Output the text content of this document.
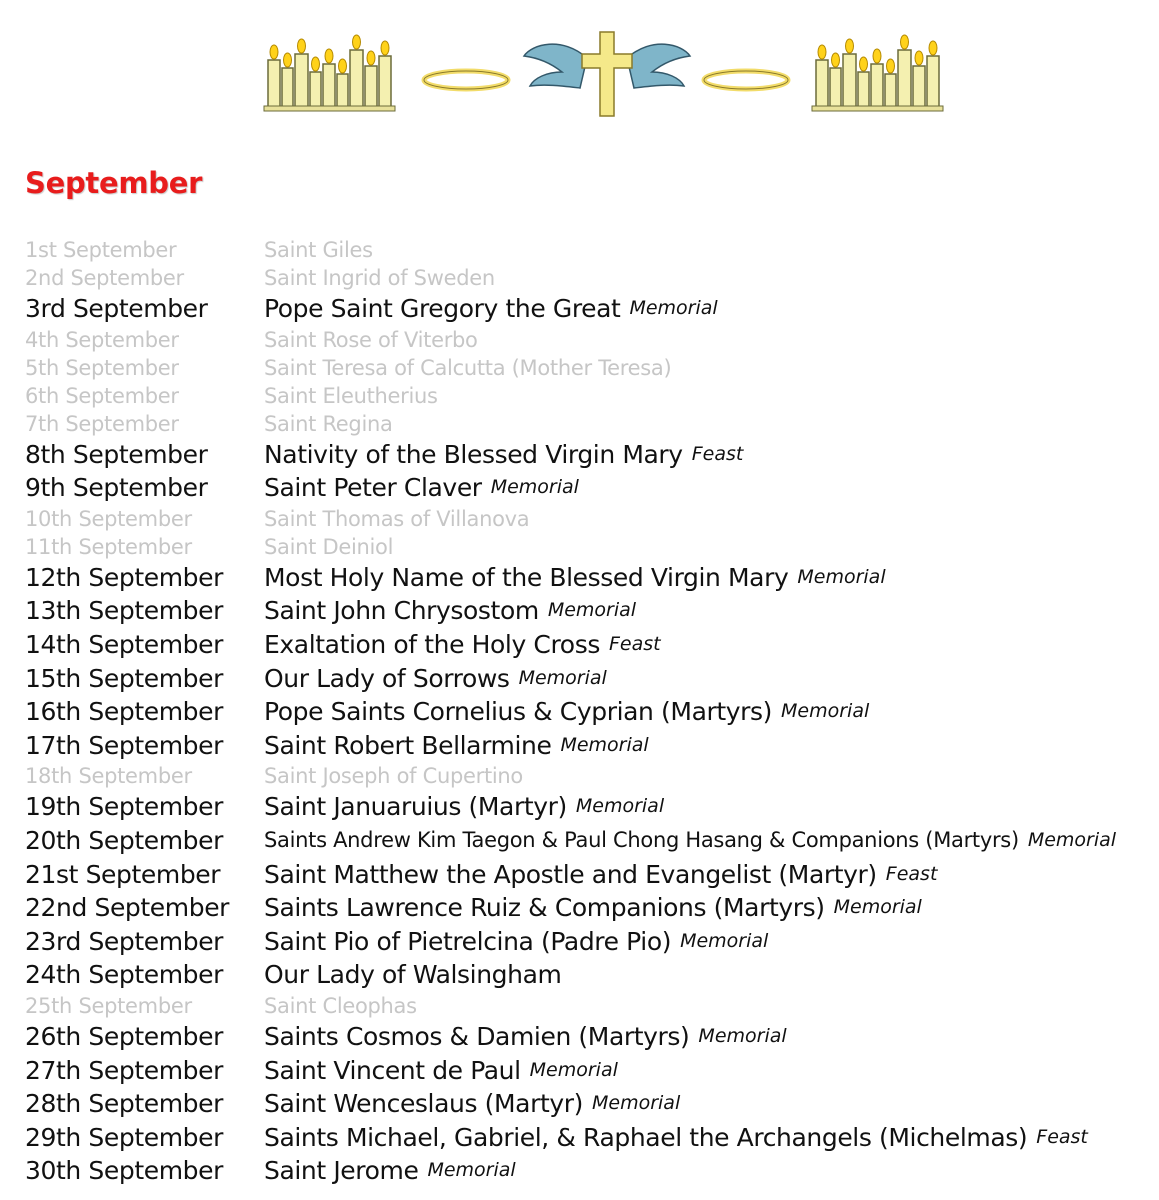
September
1st September	Saint Giles
2nd September	Saint Ingrid of Sweden
3rd September	Pope Saint Gregory the Great Memorial
4th September	Saint Rose of Viterbo
5th September	Saint Teresa of Calcutta (Mother Teresa)
6th September	Saint Eleutherius
7th September	Saint Regina
8th September	Nativity of the Blessed Virgin Mary Feast
9th September	Saint Peter Claver Memorial
10th September	Saint Thomas of Villanova
11th September	Saint Deiniol
12th September	Most Holy Name of the Blessed Virgin Mary Memorial
13th September	Saint John Chrysostom Memorial
14th September	Exaltation of the Holy Cross Feast
15th September	Our Lady of Sorrows Memorial
16th September	Pope Saints Cornelius & Cyprian (Martyrs) Memorial
17th September	Saint Robert Bellarmine Memorial
18th September	Saint Joseph of Cupertino
19th September	Saint Januaruius (Martyr) Memorial
20th September	Saints Andrew Kim Taegon & Paul Chong Hasang & Companions (Martyrs) Memorial
21st September	Saint Matthew the Apostle and Evangelist (Martyr) Feast
22nd September	Saints Lawrence Ruiz & Companions (Martyrs) Memorial
23rd September	Saint Pio of Pietrelcina (Padre Pio) Memorial
24th September	Our Lady of Walsingham
25th September	Saint Cleophas
26th September	Saints Cosmos & Damien (Martyrs) Memorial
27th September	Saint Vincent de Paul Memorial
28th September	Saint Wenceslaus (Martyr) Memorial
29th September	Saints Michael, Gabriel, & Raphael the Archangels (Michelmas) Feast
30th September	Saint Jerome Memorial
